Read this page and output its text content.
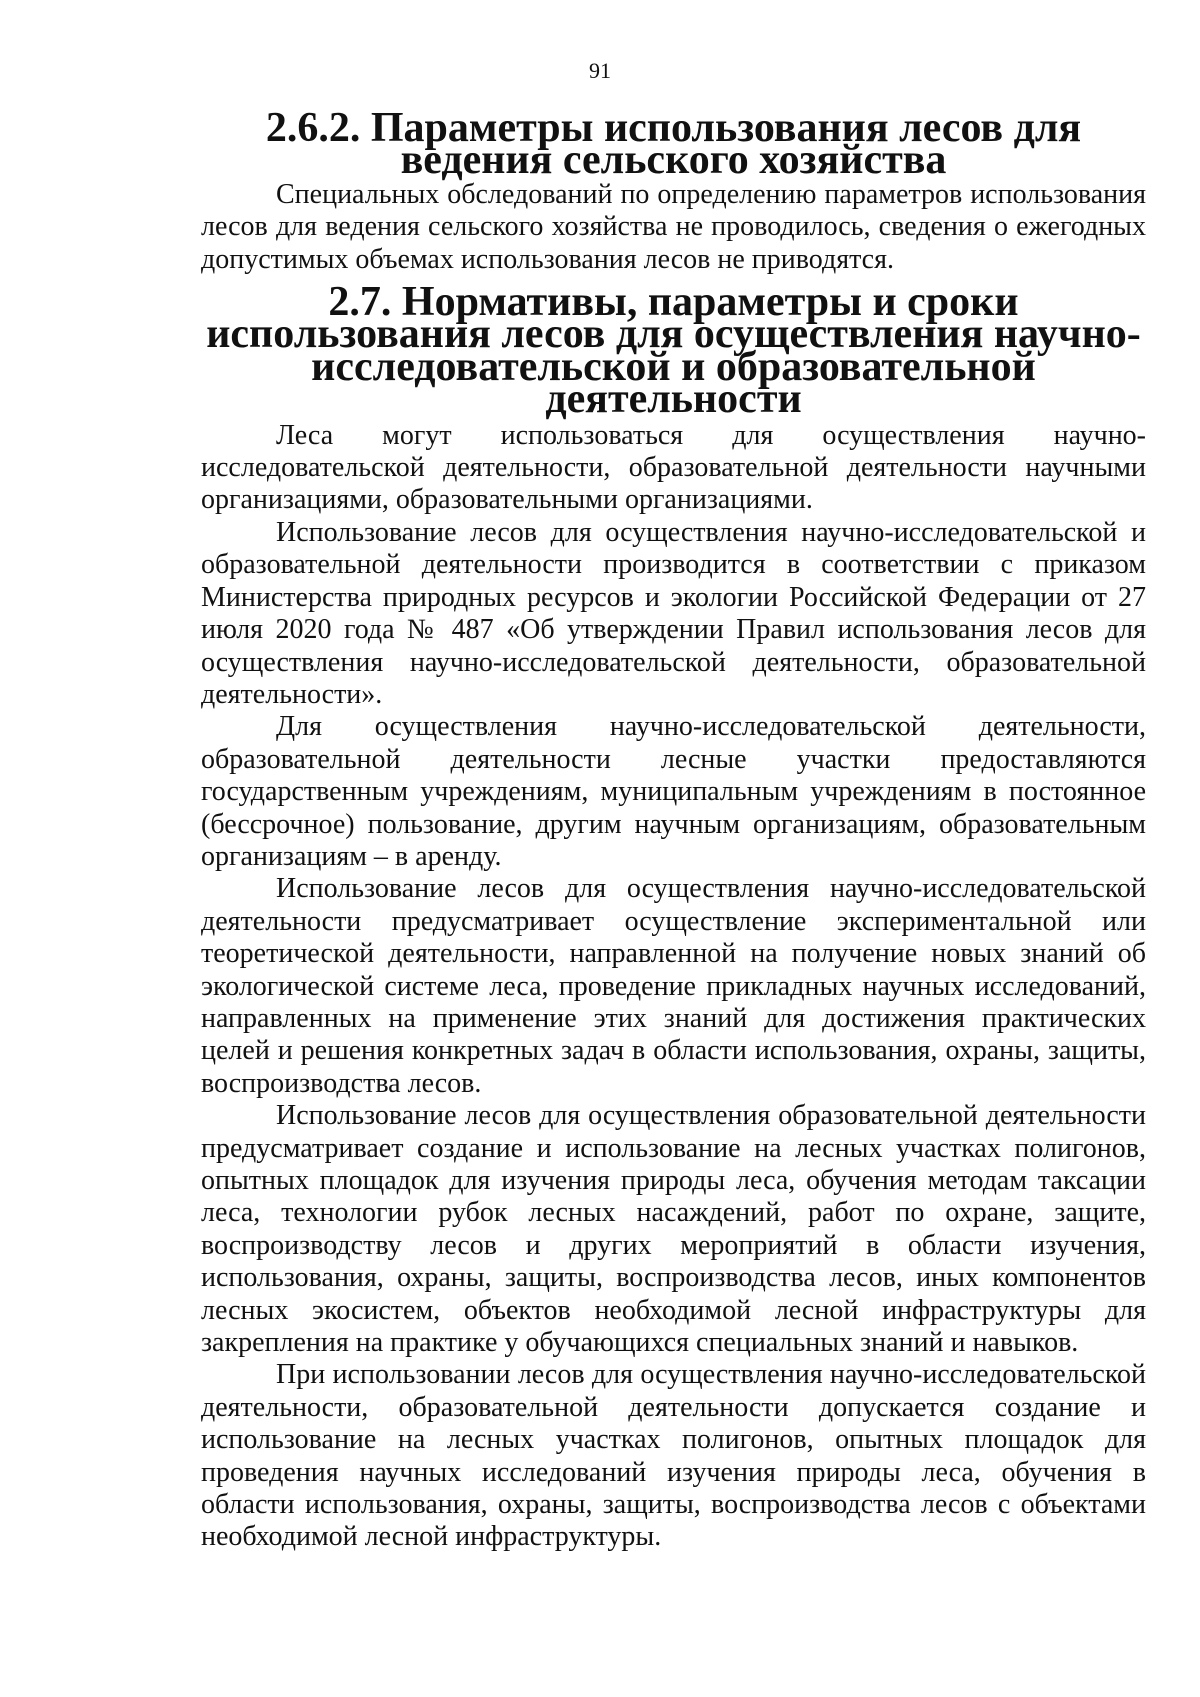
91
2.6.2. Параметры использования лесов для ведения сельского хозяйства

Специальных обследований по определению параметров использования лесов для ведения сельского хозяйства не проводилось, сведения о ежегодных допустимых объемах использования лесов не приводятся.

2.7. Нормативы, параметры и сроки использования лесов для осуществления научно-исследовательской и образовательной деятельности

Леса могут использоваться для осуществления научно-исследовательской деятельности, образовательной деятельности научными организациями, образовательными организациями.

Использование лесов для осуществления научно-исследовательской и образовательной деятельности производится в соответствии с приказом Министерства природных ресурсов и экологии Российской Федерации от 27 июля 2020 года № 487 «Об утверждении Правил использования лесов для осуществления научно-исследовательской деятельности, образовательной деятельности».

Для осуществления научно-исследовательской деятельности, образовательной деятельности лесные участки предоставляются государственным учреждениям, муниципальным учреждениям в постоянное (бессрочное) пользование, другим научным организациям, образовательным организациям – в аренду.

Использование лесов для осуществления научно-исследовательской деятельности предусматривает осуществление экспериментальной или теоретической деятельности, направленной на получение новых знаний об экологической системе леса, проведение прикладных научных исследований, направленных на применение этих знаний для достижения практических целей и решения конкретных задач в области использования, охраны, защиты, воспроизводства лесов.

Использование лесов для осуществления образовательной деятельности предусматривает создание и использование на лесных участках полигонов, опытных площадок для изучения природы леса, обучения методам таксации леса, технологии рубок лесных насаждений, работ по охране, защите, воспроизводству лесов и других мероприятий в области изучения, использования, охраны, защиты, воспроизводства лесов, иных компонентов лесных экосистем, объектов необходимой лесной инфраструктуры для закрепления на практике у обучающихся специальных знаний и навыков.

При использовании лесов для осуществления научно-исследовательской деятельности, образовательной деятельности допускается создание и использование на лесных участках полигонов, опытных площадок для проведения научных исследований изучения природы леса, обучения в области использования, охраны, защиты, воспроизводства лесов с объектами необходимой лесной инфраструктуры.
